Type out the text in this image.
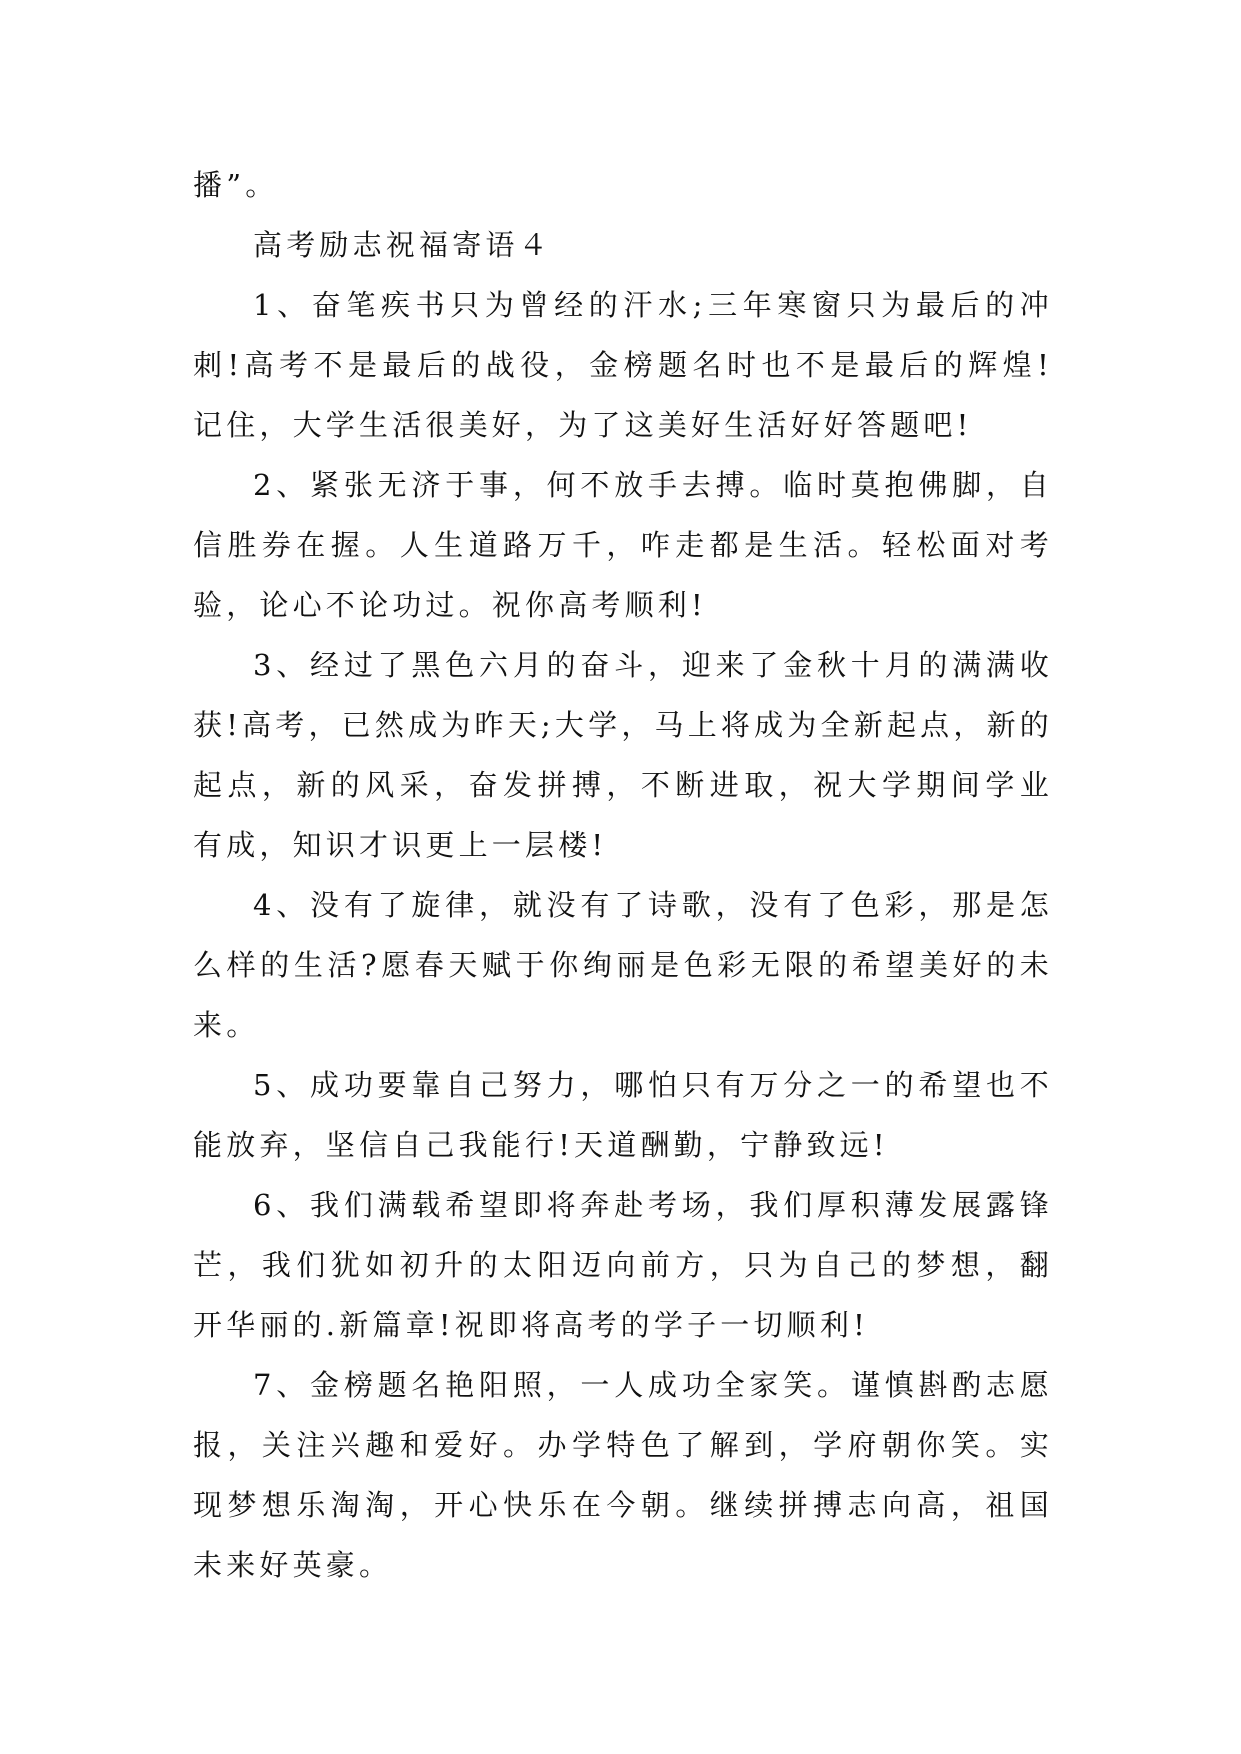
播”。

高考励志祝福寄语４

1、奋笔疾书只为曾经的汗水;三年寒窗只为最后的冲刺!高考不是最后的战役，金榜题名时也不是最后的辉煌!记住，大学生活很美好，为了这美好生活好好答题吧!

2、紧张无济于事，何不放手去搏。临时莫抱佛脚，自信胜券在握。人生道路万千，咋走都是生活。轻松面对考验，论心不论功过。祝你高考顺利!

3、经过了黑色六月的奋斗，迎来了金秋十月的满满收获!高考，已然成为昨天;大学，马上将成为全新起点，新的起点，新的风采，奋发拼搏，不断进取，祝大学期间学业有成，知识才识更上一层楼!

4、没有了旋律，就没有了诗歌，没有了色彩，那是怎么样的生活?愿春天赋于你绚丽是色彩无限的希望美好的未来。

5、成功要靠自己努力，哪怕只有万分之一的希望也不能放弃，坚信自己我能行!天道酬勤，宁静致远!

6、我们满载希望即将奔赴考场，我们厚积薄发展露锋芒，我们犹如初升的太阳迈向前方，只为自己的梦想，翻开华丽的.新篇章!祝即将高考的学子一切顺利!

7、金榜题名艳阳照，一人成功全家笑。谨慎斟酌志愿报，关注兴趣和爱好。办学特色了解到，学府朝你笑。实现梦想乐淘淘，开心快乐在今朝。继续拼搏志向高，祖国未来好英豪。
